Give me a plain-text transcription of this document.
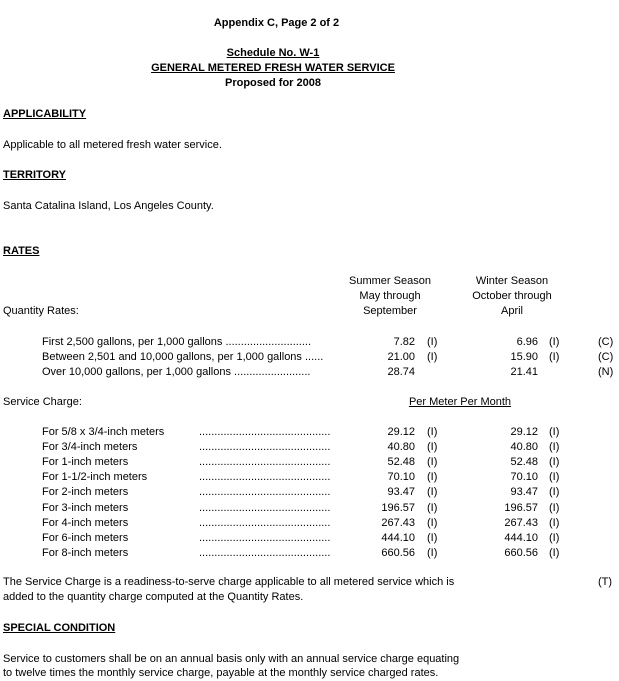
Appendix C, Page 2 of 2
Schedule No. W-1
GENERAL METERED FRESH WATER SERVICE
Proposed for 2008
APPLICABILITY
Applicable to all metered fresh water service.
TERRITORY
Santa Catalina Island, Los Angeles County.
RATES
Summer Season
May through
September
Winter Season
October through
April
Quantity Rates:
First 2,500 gallons, per 1,000 gallons ............................	7.82 (I)	6.96 (I)	(C)
Between 2,501 and 10,000 gallons, per 1,000 gallons ......	21.00 (I)	15.90 (I)	(C)
Over 10,000 gallons, per 1,000 gallons .........................	28.74	21.41	(N)
Service Charge:	Per Meter Per Month
For 5/8 x 3/4-inch meters	...........................................	29.12 (I)	29.12 (I)
For 3/4-inch meters	...........................................	40.80 (I)	40.80 (I)
For 1-inch meters	...........................................	52.48 (I)	52.48 (I)
For 1-1/2-inch meters	...........................................	70.10 (I)	70.10 (I)
For 2-inch meters	...........................................	93.47 (I)	93.47 (I)
For 3-inch meters	...........................................	196.57 (I)	196.57 (I)
For 4-inch meters	...........................................	267.43 (I)	267.43 (I)
For 6-inch meters	...........................................	444.10 (I)	444.10 (I)
For 8-inch meters	...........................................	660.56 (I)	660.56 (I)
The Service Charge is a readiness-to-serve charge applicable to all metered service which is
added to the quantity charge computed at the Quantity Rates.
(T)
SPECIAL CONDITION
Service to customers shall be on an annual basis only with an annual service charge equating
to twelve times the monthly service charge, payable at the monthly service charged rates.
